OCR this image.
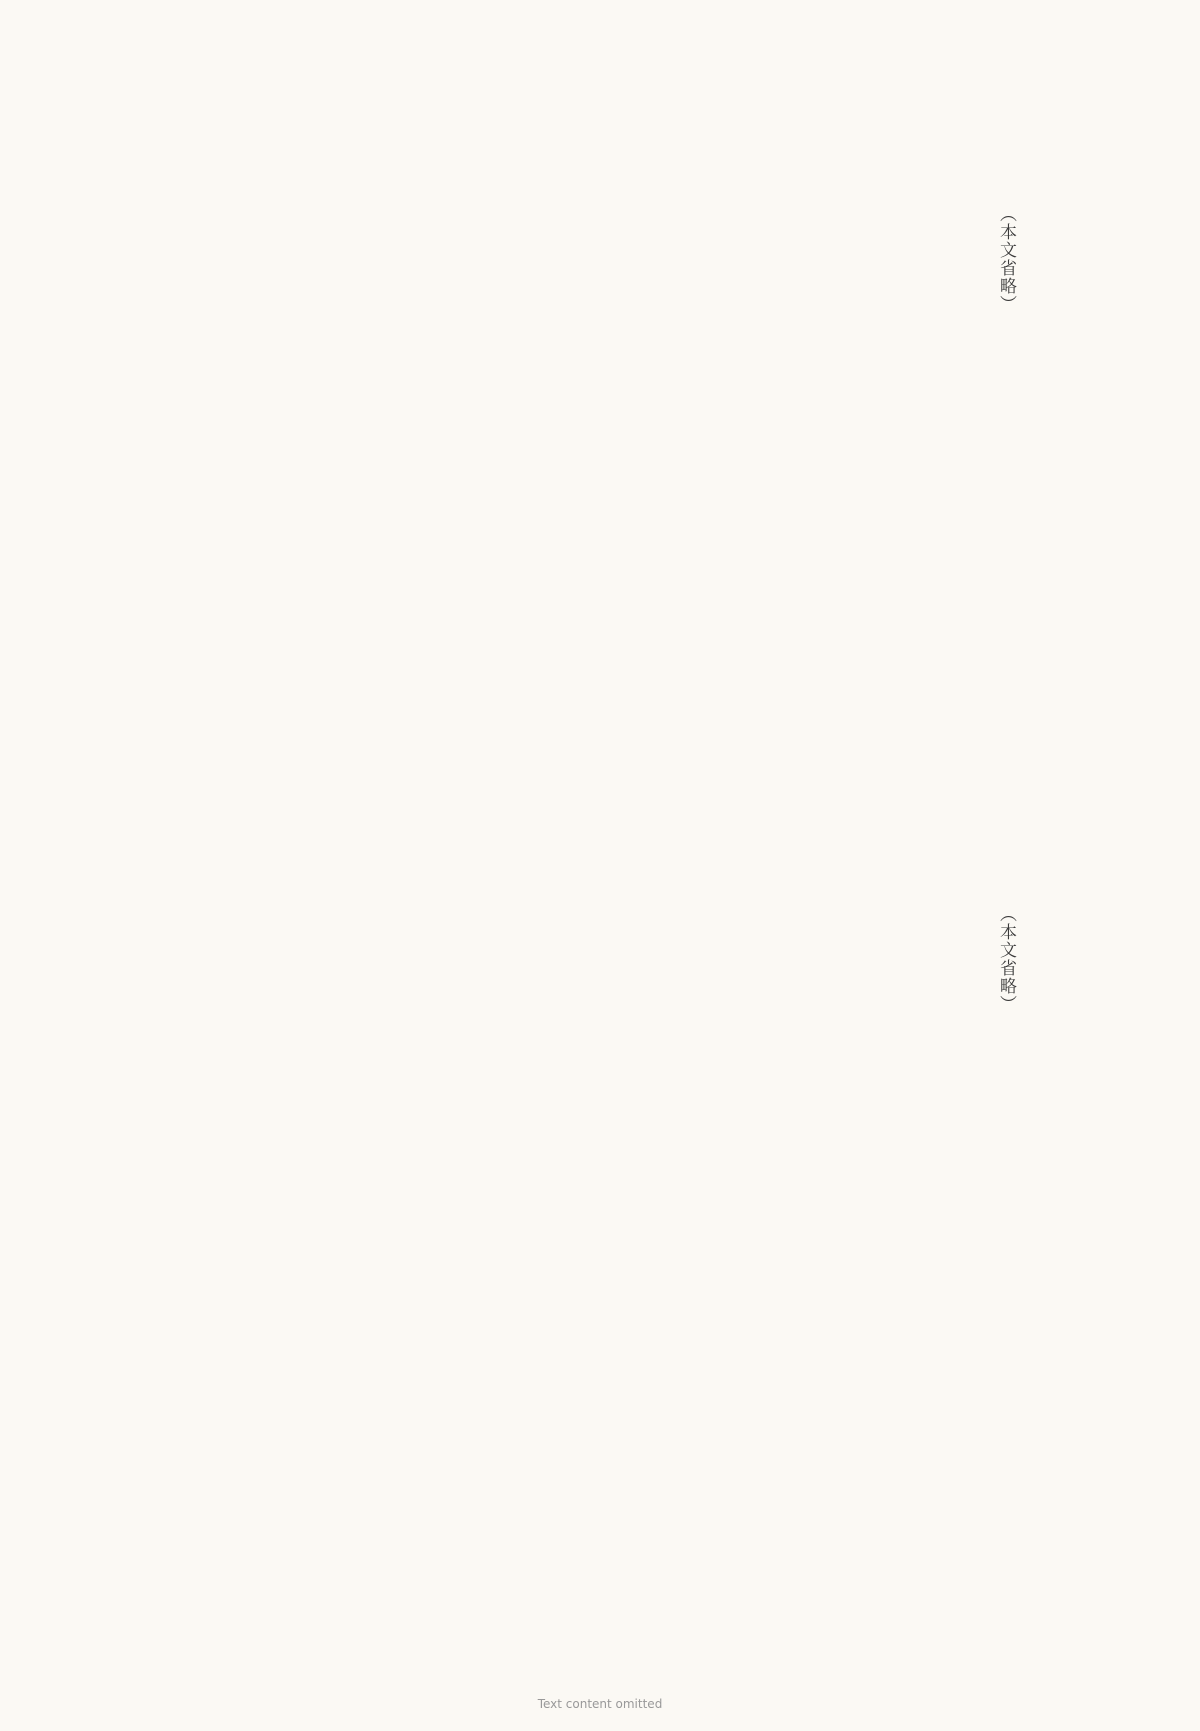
（本文省略）
（本文省略）
Text content omitted
